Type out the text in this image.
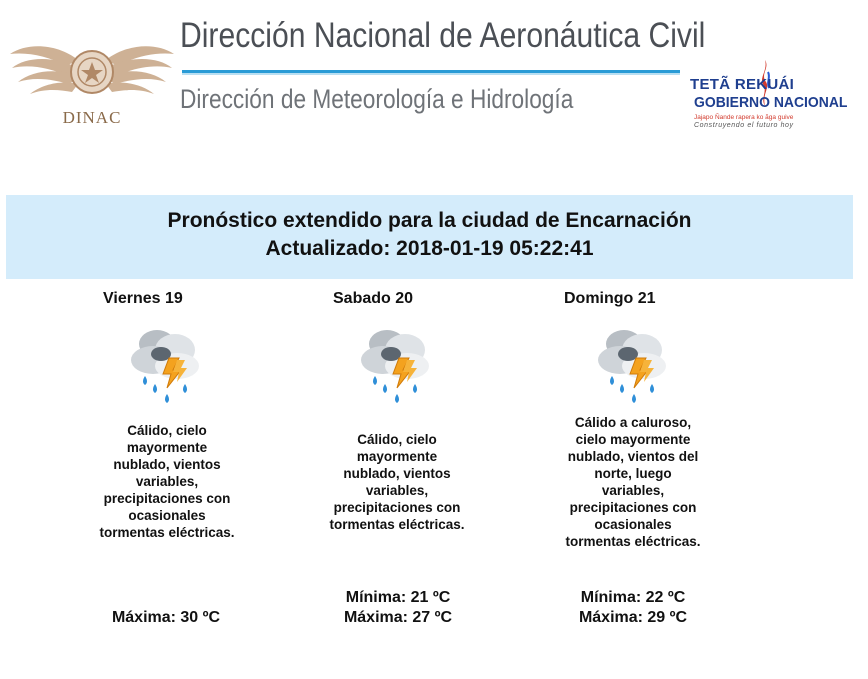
DINAC
Dirección Nacional de Aeronáutica Civil
Dirección de Meteorología e Hidrología	TETÃ REKUÁI
GOBIERNO NACIONAL
Jajapo Ñande rapera ko ãga guive
Construyendo el futuro hoy
Pronóstico extendido para la ciudad de Encarnación
Actualizado: 2018-01-19 05:22:41
Viernes 19
Cálido, cielo mayormente nublado, vientos variables, precipitaciones con ocasionales tormentas eléctricas.
Máxima: 30 ºC
Sabado 20
Cálido, cielo mayormente nublado, vientos variables, precipitaciones con tormentas eléctricas.
Mínima: 21 ºC
Máxima: 27 ºC
Domingo 21
Cálido a caluroso, cielo mayormente nublado, vientos del norte, luego variables, precipitaciones con ocasionales tormentas eléctricas.
Mínima: 22 ºC
Máxima: 29 ºC
